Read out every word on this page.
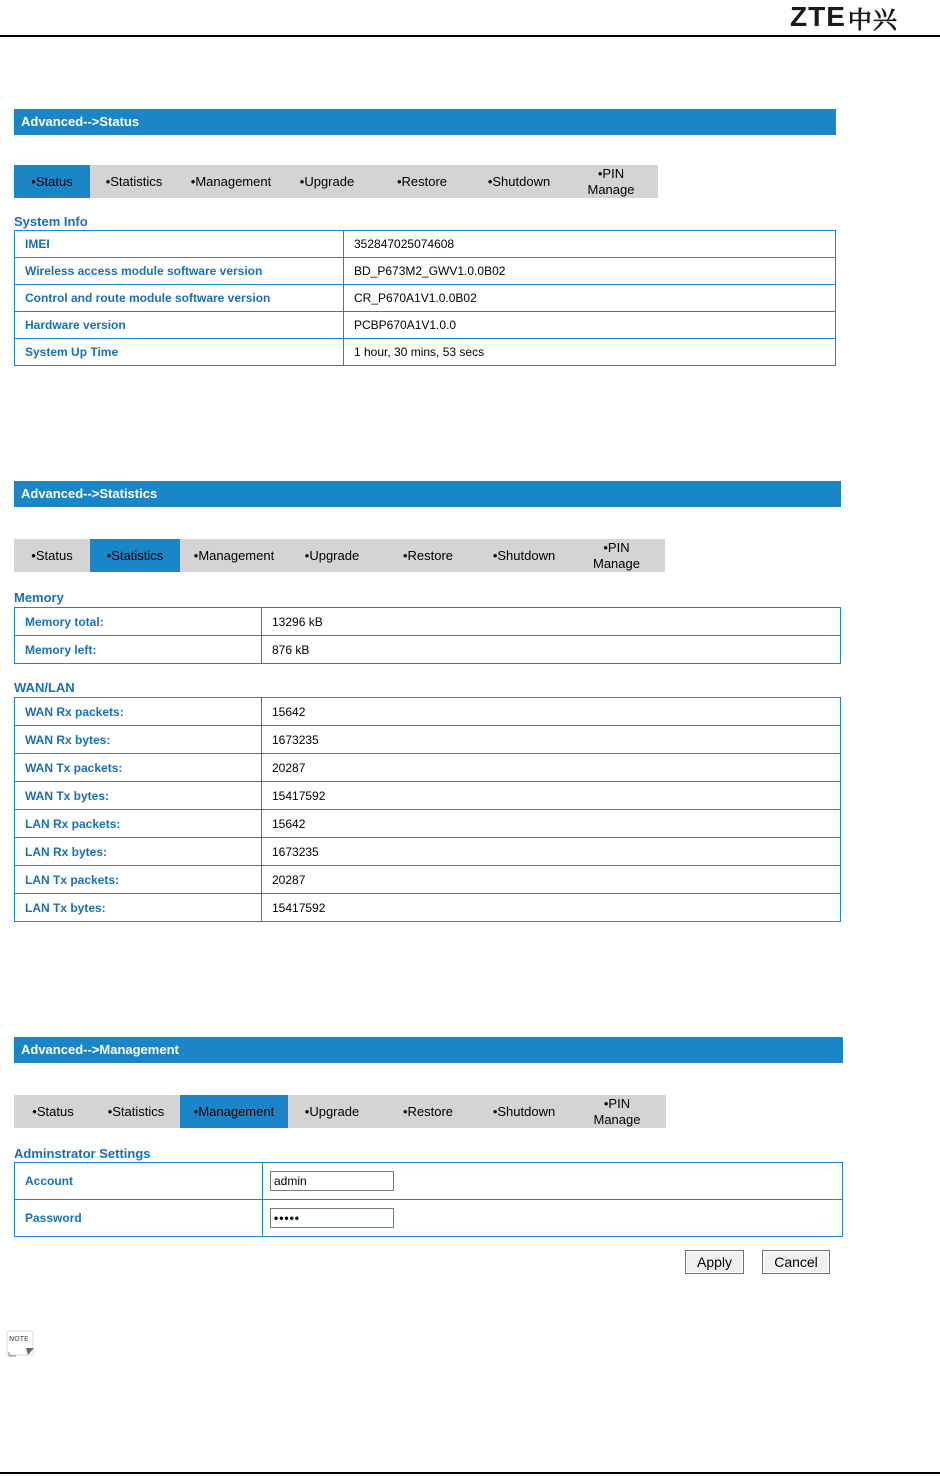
ZTE 中兴
Advanced-->Status
•Status	•Statistics	•Management	•Upgrade	•Restore	•Shutdown
•PIN
Manage
System Info
IMEI	352847025074608
Wireless access module software version	BD_P673M2_GWV1.0.0B02
Control and route module software version	CR_P670A1V1.0.0B02
Hardware version	PCBP670A1V1.0.0
System Up Time	1 hour, 30 mins, 53 secs
Advanced-->Statistics
•Status	•Statistics	•Management	•Upgrade	•Restore	•Shutdown
•PIN
Manage
Memory
Memory total:	13296 kB
Memory left:	876 kB
WAN/LAN
WAN Rx packets:	15642
WAN Rx bytes:	1673235
WAN Tx packets:	20287
WAN Tx bytes:	15417592
LAN Rx packets:	15642
LAN Rx bytes:	1673235
LAN Tx packets:	20287
LAN Tx bytes:	15417592
Advanced-->Management
•Status	•Statistics	•Management	•Upgrade	•Restore	•Shutdown
•PIN
Manage
Adminstrator Settings
Account	admin
Password	•••••
Apply	Cancel
NOTE
